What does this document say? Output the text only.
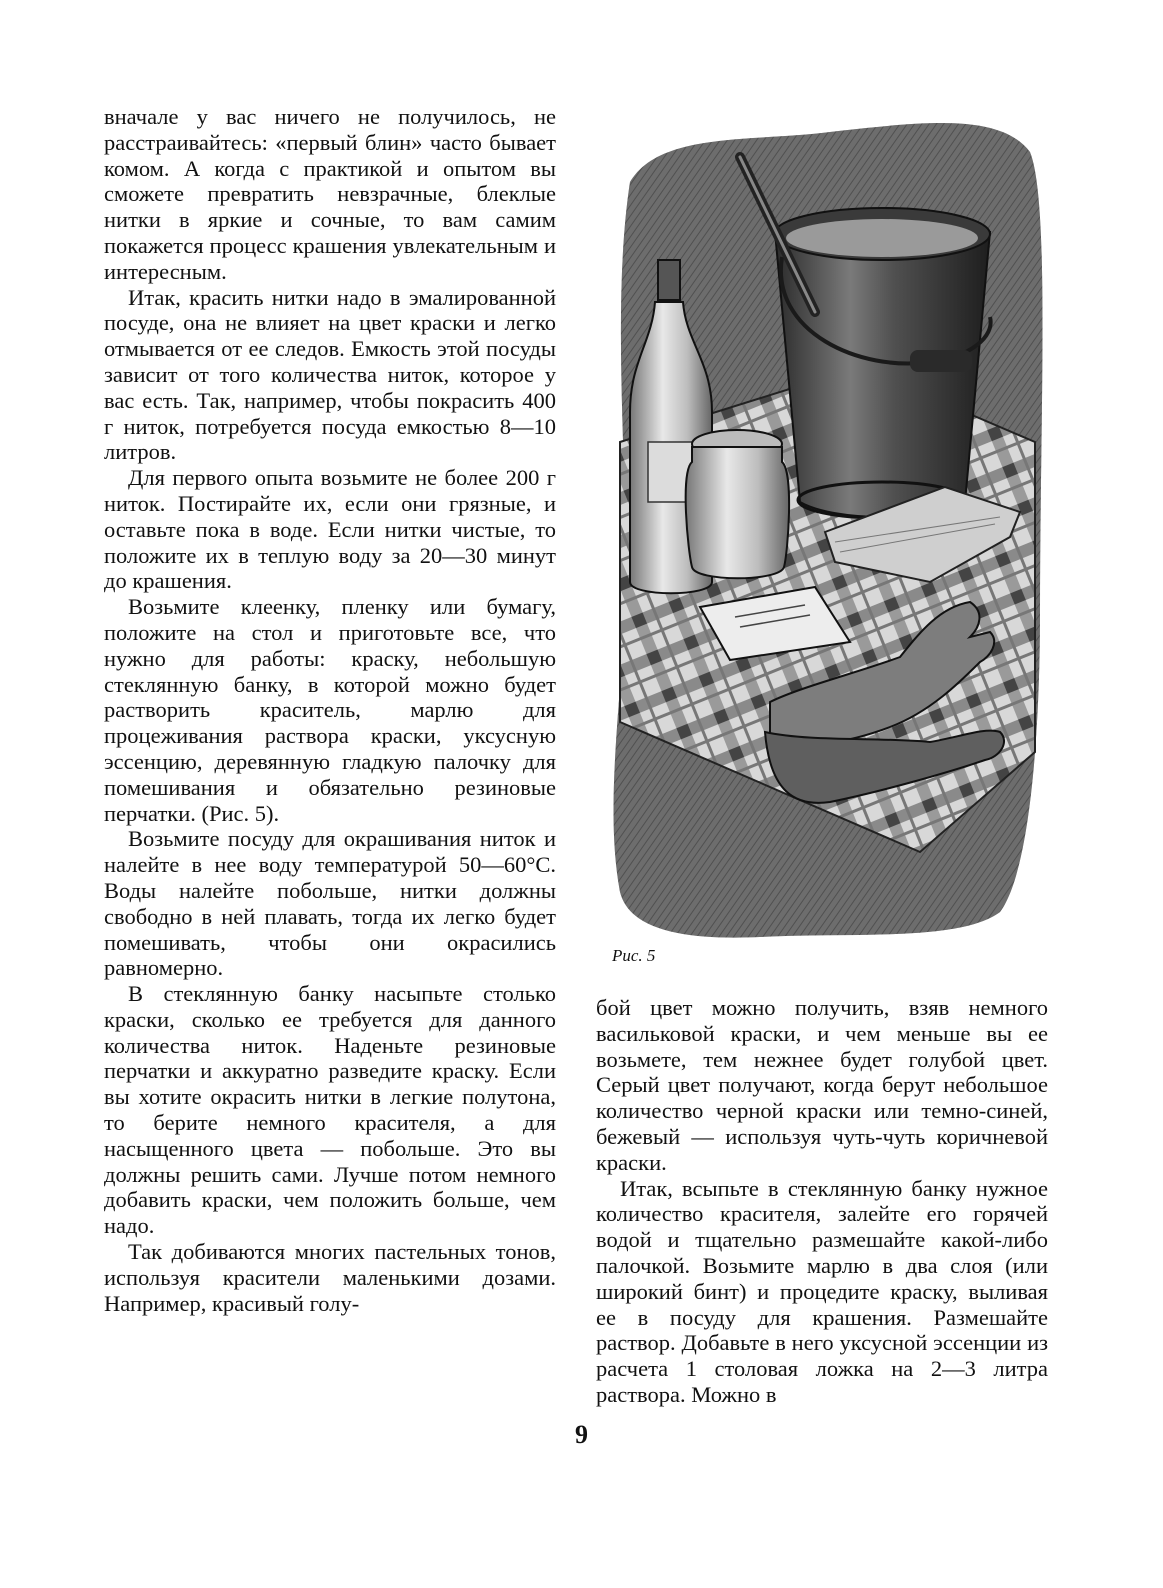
вначале у вас ничего не получилось, не расстраивайтесь: «первый блин» часто бывает комом. А когда с практикой и опытом вы сможете превратить невзрачные, блеклые нитки в яркие и сочные, то вам самим покажется процесс крашения увлекательным и интересным.

Итак, красить нитки надо в эмалированной посуде, она не влияет на цвет краски и легко отмывается от ее следов. Емкость этой посуды зависит от того количества ниток, которое у вас есть. Так, например, чтобы покрасить 400 г ниток, потребуется посуда емкостью 8—10 литров.

Для первого опыта возьмите не более 200 г ниток. Постирайте их, если они грязные, и оставьте пока в воде. Если нитки чистые, то положите их в теплую воду за 20—30 минут до крашения.

Возьмите клеенку, пленку или бумагу, положите на стол и приготовьте все, что нужно для работы: краску, небольшую стеклянную банку, в которой можно будет растворить краситель, марлю для процеживания раствора краски, уксусную эссенцию, деревянную гладкую палочку для помешивания и обязательно резиновые перчатки. (Рис. 5).

Возьмите посуду для окрашивания ниток и налейте в нее воду температурой 50—60°С. Воды налейте побольше, нитки должны свободно в ней плавать, тогда их легко будет помешивать, чтобы они окрасились равномерно.

В стеклянную банку насыпьте столько краски, сколько ее требуется для данного количества ниток. Наденьте резиновые перчатки и аккуратно разведите краску. Если вы хотите окрасить нитки в легкие полутона, то берите немного красителя, а для насыщенного цвета — побольше. Это вы должны решить сами. Лучше потом немного добавить краски, чем положить больше, чем надо.

Так добиваются многих пастельных тонов, используя красители маленькими дозами. Например, красивый голу-

Рис. 5

бой цвет можно получить, взяв немного васильковой краски, и чем меньше вы ее возьмете, тем нежнее будет голубой цвет. Серый цвет получают, когда берут небольшое количество черной краски или темно-синей, бежевый — используя чуть-чуть коричневой краски.

Итак, всыпьте в стеклянную банку нужное количество красителя, залейте его горячей водой и тщательно размешайте какой-либо палочкой. Возьмите марлю в два слоя (или широкий бинт) и процедите краску, выливая ее в посуду для крашения. Размешайте раствор. Добавьте в него уксусной эссенции из расчета 1 столовая ложка на 2—3 литра раствора. Можно в

9
